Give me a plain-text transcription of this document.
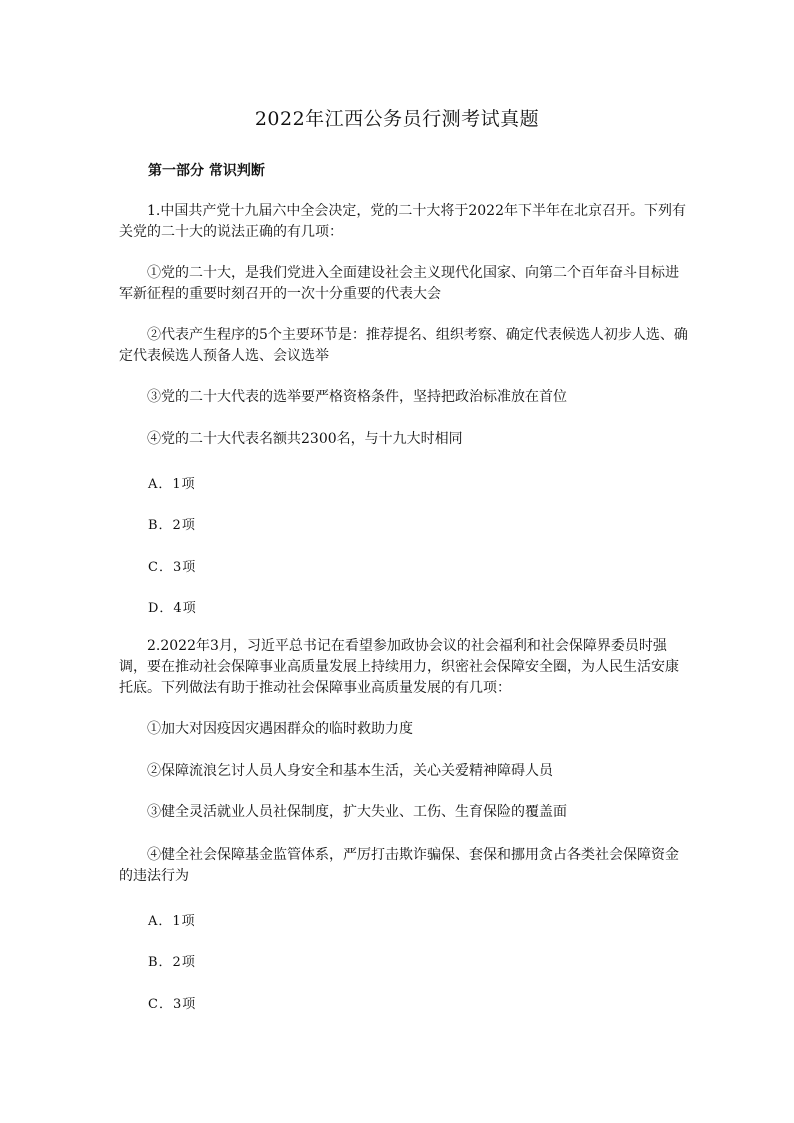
2022年江西公务员行测考试真题
第一部分 常识判断
1.中国共产党十九届六中全会决定，党的二十大将于2022年下半年在北京召开。下列有关党的二十大的说法正确的有几项：
①党的二十大，是我们党进入全面建设社会主义现代化国家、向第二个百年奋斗目标进军新征程的重要时刻召开的一次十分重要的代表大会
②代表产生程序的5个主要环节是：推荐提名、组织考察、确定代表候选人初步人选、确定代表候选人预备人选、会议选举
③党的二十大代表的选举要严格资格条件，坚持把政治标准放在首位
④党的二十大代表名额共2300名，与十九大时相同
A．1项
B．2项
C．3项
D．4项
2.2022年3月，习近平总书记在看望参加政协会议的社会福利和社会保障界委员时强调，要在推动社会保障事业高质量发展上持续用力，织密社会保障安全圈，为人民生活安康托底。下列做法有助于推动社会保障事业高质量发展的有几项：
①加大对因疫因灾遇困群众的临时救助力度
②保障流浪乞讨人员人身安全和基本生活，关心关爱精神障碍人员
③健全灵活就业人员社保制度，扩大失业、工伤、生育保险的覆盖面
④健全社会保障基金监管体系，严厉打击欺诈骗保、套保和挪用贪占各类社会保障资金的违法行为
A．1项
B．2项
C．3项
